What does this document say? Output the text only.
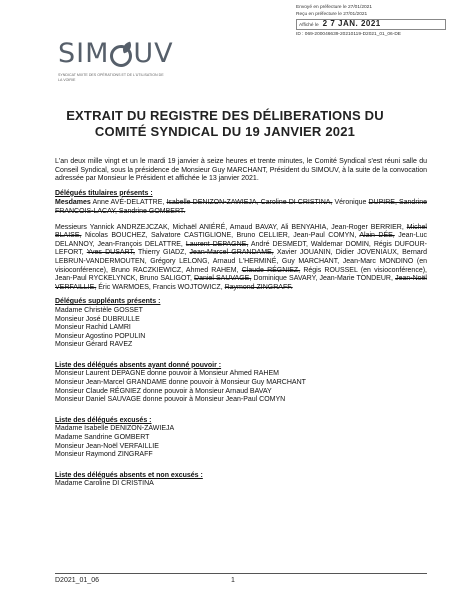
Envoyé en préfecture le 27/01/2021
Reçu en préfecture le 27/01/2021
Affiché le 2 7 JAN. 2021
ID : 069-200046639-20210119-D2021_01_06-DE
SIM UV
SYNDICAT MIXTE DES OPÉRATIONS ET DE L'UTILISATION DE LA VOIRIE
EXTRAIT DU REGISTRE DES DÉLIBERATIONS DU
COMITÉ SYNDICAL DU 19 JANVIER 2021

L'an deux mille vingt et un le mardi 19 janvier à seize heures et trente minutes, le Comité Syndical s'est réuni salle du Conseil Syndical, sous la présidence de Monsieur Guy MARCHANT, Président du SIMOUV, à la suite de la convocation adressée par Monsieur le Président et affichée le 13 janvier 2021.

Délégués titulaires présents :

Mesdames Anne AVÉ-DELATTRE, Isabelle DENIZON-ZAWIEJA, Caroline DI CRISTINA, Véronique DUPIRE, Sandrine FRANCOIS-LACAY, Sandrine GOMBERT.

Messieurs Yannick ANDRZEJCZAK, Michaël ANIÉRÉ, Arnaud BAVAY, Ali BENYAHIA, Jean-Roger BERRIER, Michel BLAISE, Nicolas BOUCHEZ, Salvatore CASTIGLIONE, Bruno CELLIER, Jean-Paul COMYN, Alain DÉE, Jean-Luc DELANNOY, Jean-François DELATTRE, Laurent DEPAGNE, André DESMEDT, Waldemar DOMIN, Régis DUFOUR-LEFORT, Yves DUSART, Thierry GIADZ, Jean-Marcel GRANDAME, Xavier JOUANIN, Didier JOVENIAUX, Bernard LEBRUN-VANDERMOUTEN, Grégory LELONG, Arnaud L'HERMINÉ, Guy MARCHANT, Jean-Marc MONDINO (en visioconférence), Bruno RACZKIEWICZ, Ahmed RAHEM, Claude RÉGNIEZ, Régis ROUSSEL (en visioconférence), Jean-Paul RYCKELYNCK, Bruno SALIGOT, Daniel SAUVAGE, Dominique SAVARY, Jean-Marie TONDEUR, Jean-Noël VERFAILLIE, Éric WARMOES, Francis WOJTOWICZ, Raymond ZINGRAFF.

Délégués suppléants présents :

Madame Christèle GOSSET

Monsieur José DUBRULLE

Monsieur Rachid LAMRI

Monsieur Agostino POPULIN

Monsieur Gérard RAVEZ

Liste des délégués absents ayant donné pouvoir :

Monsieur Laurent DEPAGNE donne pouvoir à Monsieur Ahmed RAHEM

Monsieur Jean-Marcel GRANDAME donne pouvoir à Monsieur Guy MARCHANT

Monsieur Claude RÉGNIEZ donne pouvoir à Monsieur Arnaud BAVAY

Monsieur Daniel SAUVAGE donne pouvoir à Monsieur Jean-Paul COMYN

Liste des délégués excusés :

Madame Isabelle DENIZON-ZAWIEJA

Madame Sandrine GOMBERT

Monsieur Jean-Noël VERFAILLIE

Monsieur Raymond ZINGRAFF

Liste des délégués absents et non excusés :

Madame Caroline DI CRISTINA

D2021_01_06	1
